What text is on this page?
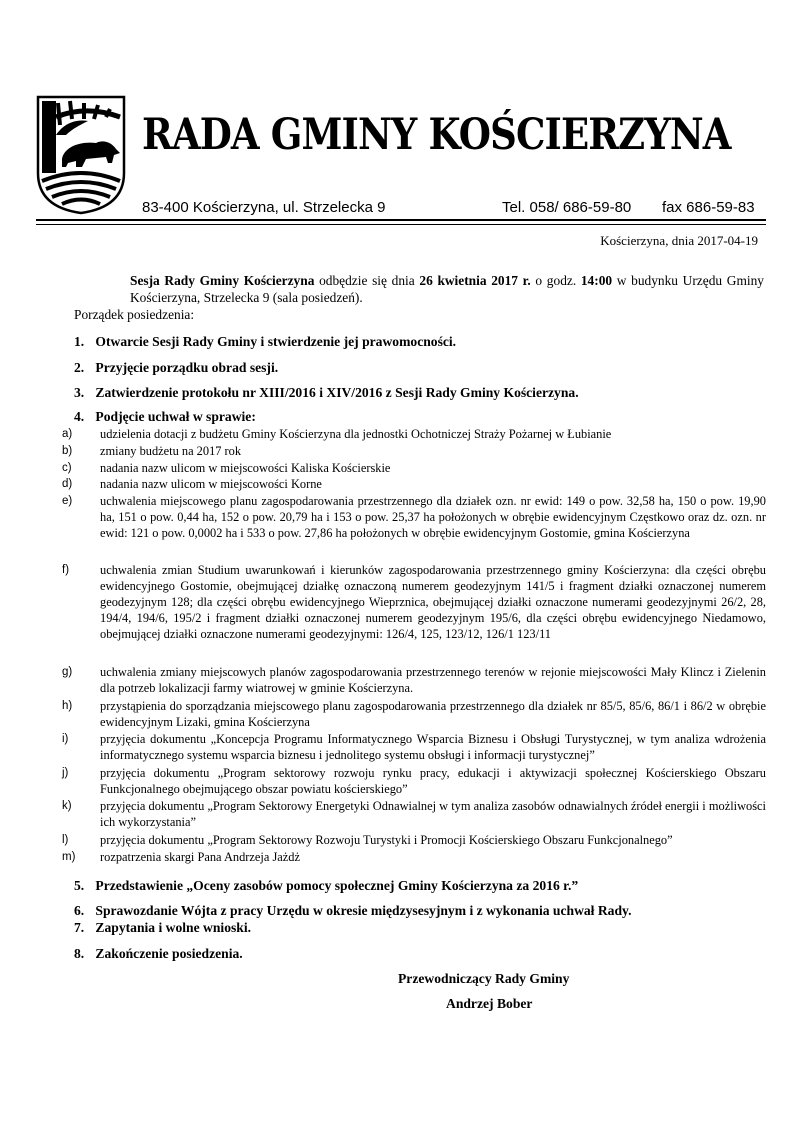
RADA GMINY KOŚCIERZYNA
83-400 Kościerzyna, ul. Strzelecka 9	Tel. 058/ 686-59-80 fax 686-59-83
Kościerzyna, dnia 2017-04-19
Sesja Rady Gminy Kościerzyna odbędzie się dnia 26 kwietnia 2017 r. o godz. 14:00 w budynku Urzędu Gminy Kościerzyna, Strzelecka 9 (sala posiedzeń).
Porządek posiedzenia:
1. Otwarcie Sesji Rady Gminy i stwierdzenie jej prawomocności.
2. Przyjęcie porządku obrad sesji.
3. Zatwierdzenie protokołu nr XIII/2016 i XIV/2016 z Sesji Rady Gminy Kościerzyna.
4. Podjęcie uchwał w sprawie:
a)	udzielenia dotacji z budżetu Gminy Kościerzyna dla jednostki Ochotniczej Straży Pożarnej w Łubianie
b)	zmiany budżetu na 2017 rok
c)	nadania nazw ulicom w miejscowości Kaliska Kościerskie
d)	nadania nazw ulicom w miejscowości Korne
e)	uchwalenia miejscowego planu zagospodarowania przestrzennego dla działek ozn. nr ewid: 149 o pow. 32,58 ha, 150 o pow. 19,90 ha, 151 o pow. 0,44 ha, 152 o pow. 20,79 ha i 153 o pow. 25,37 ha położonych w obrębie ewidencyjnym Częstkowo oraz dz. ozn. nr ewid: 121 o pow. 0,0002 ha i 533 o pow. 27,86 ha położonych w obrębie ewidencyjnym Gostomie, gmina Kościerzyna
f)	uchwalenia zmian Studium uwarunkowań i kierunków zagospodarowania przestrzennego gminy Kościerzyna: dla części obrębu ewidencyjnego Gostomie, obejmującej działkę oznaczoną numerem geodezyjnym 141/5 i fragment działki oznaczonej numerem geodezyjnym 128; dla części obrębu ewidencyjnego Wieprznica, obejmującej działki oznaczone numerami geodezyjnymi 26/2, 28, 194/4, 194/6, 195/2 i fragment działki oznaczonej numerem geodezyjnym 195/6, dla części obrębu ewidencyjnego Niedamowo, obejmującej działki oznaczone numerami geodezyjnymi: 126/4, 125, 123/12, 126/1 123/11
g)	uchwalenia zmiany miejscowych planów zagospodarowania przestrzennego terenów w rejonie miejscowości Mały Klincz i Zielenin dla potrzeb lokalizacji farmy wiatrowej w gminie Kościerzyna.
h)	przystąpienia do sporządzania miejscowego planu zagospodarowania przestrzennego dla działek nr 85/5, 85/6, 86/1 i 86/2 w obrębie ewidencyjnym Lizaki, gmina Kościerzyna
i)	przyjęcia dokumentu „Koncepcja Programu Informatycznego Wsparcia Biznesu i Obsługi Turystycznej, w tym analiza wdrożenia informatycznego systemu wsparcia biznesu i jednolitego systemu obsługi i informacji turystycznej”
j)	przyjęcia dokumentu „Program sektorowy rozwoju rynku pracy, edukacji i aktywizacji społecznej Kościerskiego Obszaru Funkcjonalnego obejmującego obszar powiatu kościerskiego”
k)	przyjęcia dokumentu „Program Sektorowy Energetyki Odnawialnej w tym analiza zasobów odnawialnych źródeł energii i możliwości ich wykorzystania”
l)	przyjęcia dokumentu „Program Sektorowy Rozwoju Turystyki i Promocji Kościerskiego Obszaru Funkcjonalnego”
m)	rozpatrzenia skargi Pana Andrzeja Jażdż
5. Przedstawienie „Oceny zasobów pomocy społecznej Gminy Kościerzyna za 2016 r.”
6. Sprawozdanie Wójta z pracy Urzędu w okresie międzysesyjnym i z wykonania uchwał Rady.
7. Zapytania i wolne wnioski.
8. Zakończenie posiedzenia.
Przewodniczący Rady Gminy
Andrzej Bober
